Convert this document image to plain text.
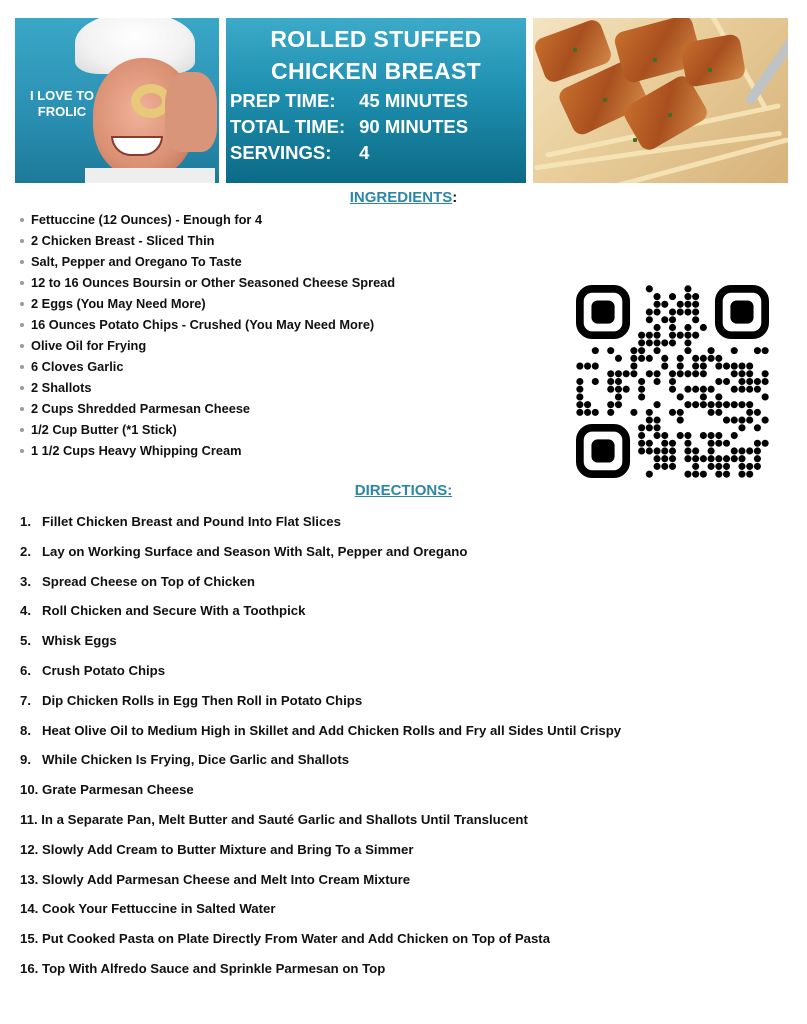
I LOVE TO FROLIC
ROLLED STUFFED
CHICKEN BREAST
PREP TIME: 45 MINUTES
TOTAL TIME: 90 MINUTES
SERVINGS: 4
INGREDIENTS:
Fettuccine (12 Ounces) - Enough for 4
2 Chicken Breast - Sliced Thin
Salt, Pepper and Oregano To Taste
12 to 16 Ounces Boursin or Other Seasoned Cheese Spread
2 Eggs (You May Need More)
16 Ounces Potato Chips - Crushed (You May Need More)
Olive Oil for Frying
6 Cloves Garlic
2 Shallots
2 Cups Shredded Parmesan Cheese
1/2 Cup Butter (*1 Stick)
1 1/2 Cups Heavy Whipping Cream
DIRECTIONS:
1.   Fillet Chicken Breast and Pound Into Flat Slices
2.   Lay on Working Surface and Season With Salt, Pepper and Oregano
3.   Spread Cheese on Top of Chicken
4.   Roll Chicken and Secure With a Toothpick
5.   Whisk Eggs
6.   Crush Potato Chips
7.   Dip Chicken Rolls in Egg Then Roll in Potato Chips
8.   Heat Olive Oil to Medium High in Skillet and Add Chicken Rolls and Fry all Sides Until Crispy
9.   While Chicken Is Frying, Dice Garlic and Shallots
10. Grate Parmesan Cheese
11. In a Separate Pan, Melt Butter and Sauté Garlic and Shallots Until Translucent
12. Slowly Add Cream to Butter Mixture and Bring To a Simmer
13. Slowly Add Parmesan Cheese and Melt Into Cream Mixture
14. Cook Your Fettuccine in Salted Water
15. Put Cooked Pasta on Plate Directly From Water and Add Chicken on Top of Pasta
16. Top With Alfredo Sauce and Sprinkle Parmesan on Top
